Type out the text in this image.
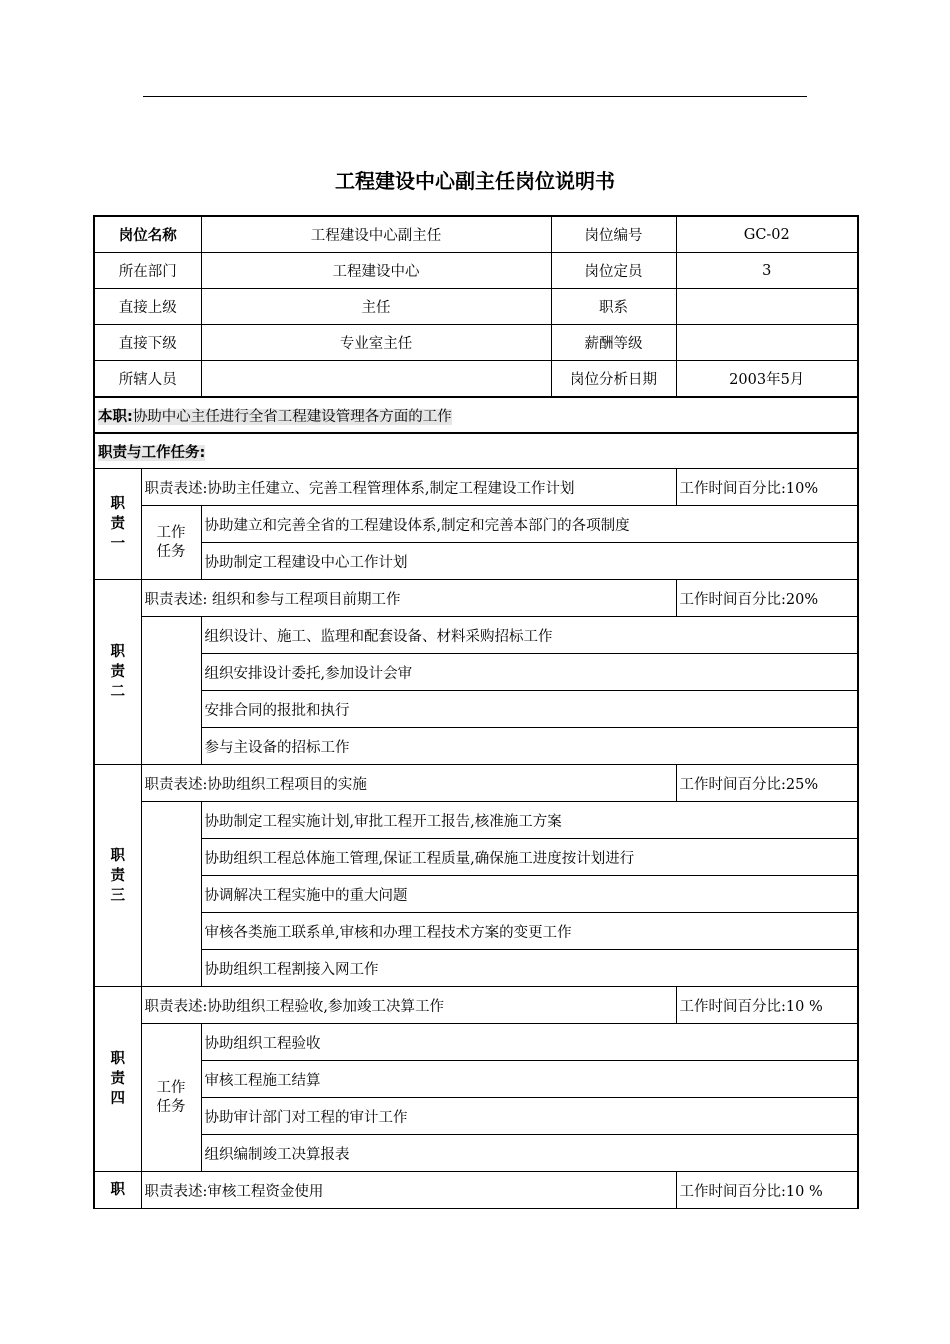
工程建设中心副主任岗位说明书
岗位名称	工程建设中心副主任	岗位编号	GC-02
所在部门	工程建设中心	岗位定员	3
直接上级	主任	职系	
直接下级	专业室主任	薪酬等级	
所辖人员		岗位分析日期	2003年5月
本职:协助中心主任进行全省工程建设管理各方面的工作			
职责与工作任务:			
职
责
一	职责表述:协助主任建立、完善工程管理体系,制定工程建设工作计划		工作时间百分比:10%
	工作
任务	协助建立和完善全省的工程建设体系,制定和完善本部门的各项制度	
		协助制定工程建设中心工作计划	
职
责
二	职责表述: 组织和参与工程项目前期工作		工作时间百分比:20%
		组织设计、施工、监理和配套设备、材料采购招标工作	
		组织安排设计委托,参加设计会审	
		安排合同的报批和执行	
		参与主设备的招标工作	
职
责
三	职责表述:协助组织工程项目的实施		工作时间百分比:25%
		协助制定工程实施计划,审批工程开工报告,核准施工方案	
		协助组织工程总体施工管理,保证工程质量,确保施工进度按计划进行	
		协调解决工程实施中的重大问题	
		审核各类施工联系单,审核和办理工程技术方案的变更工作	
		协助组织工程割接入网工作	
职
责
四	职责表述:协助组织工程验收,参加竣工决算工作		工作时间百分比:10 %
	工作
任务	协助组织工程验收	
		审核工程施工结算	
		协助审计部门对工程的审计工作	
		组织编制竣工决算报表	
职	职责表述:审核工程资金使用		工作时间百分比:10 %
